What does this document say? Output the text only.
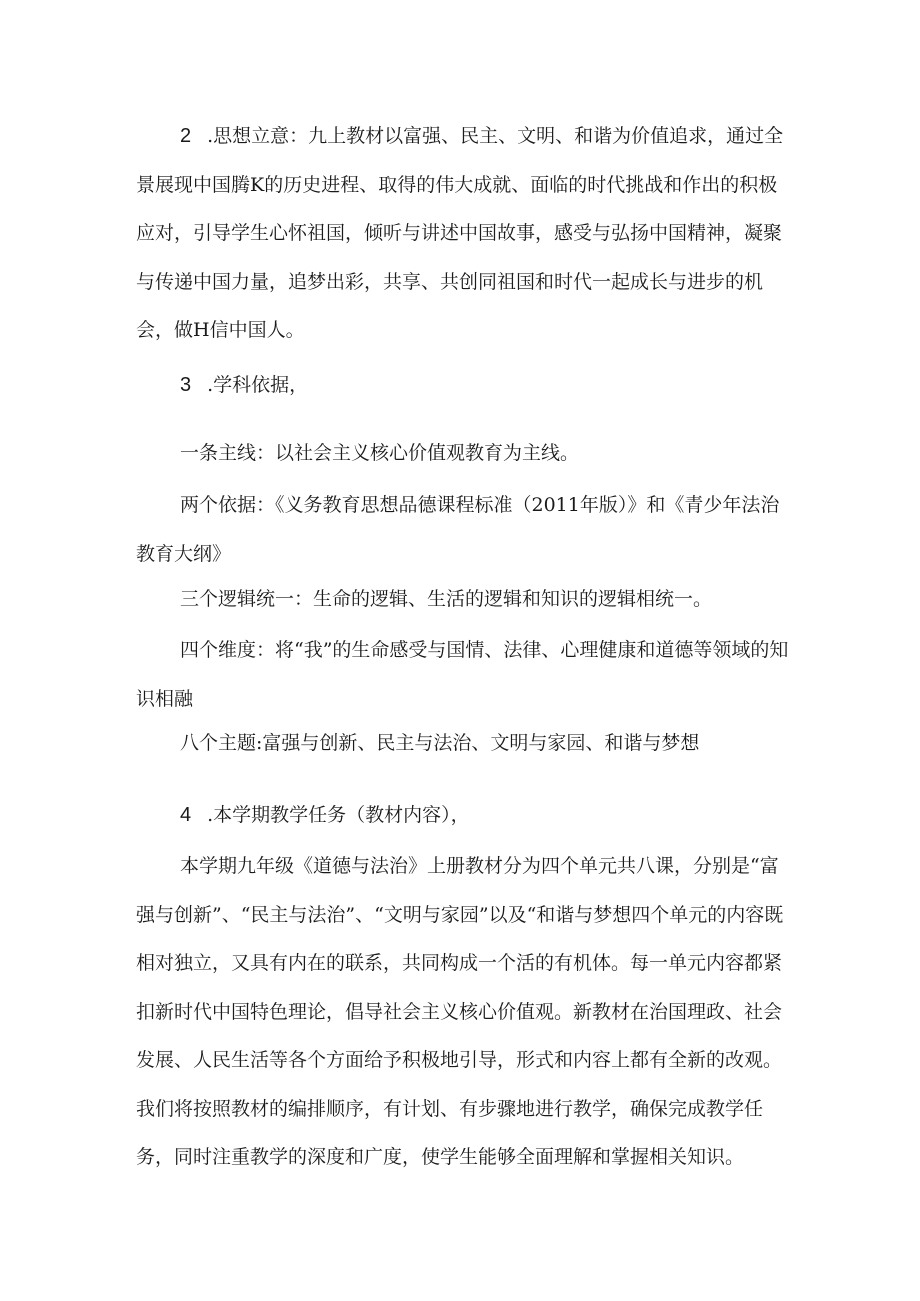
2 .思想立意：九上教材以富强、民主、文明、和谐为价值追求，通过全景展现中国腾K的历史进程、取得的伟大成就、面临的时代挑战和作出的积极应对，引导学生心怀祖国，倾听与讲述中国故事，感受与弘扬中国精神，凝聚与传递中国力量，追梦出彩，共享、共创同祖国和时代一起成长与进步的机会，做H信中国人。

3 .学科依据，

一条主线：以社会主义核心价值观教育为主线。

两个依据：《义务教育思想品德课程标准（2011年版）》和《青少年法治教育大纲》

三个逻辑统一：生命的逻辑、生活的逻辑和知识的逻辑相统一。

四个维度：将“我”的生命感受与国情、法律、心理健康和道德等领域的知识相融

八个主题:富强与创新、民主与法治、文明与家园、和谐与梦想

4 .本学期教学任务（教材内容），

本学期九年级《道德与法治》上册教材分为四个单元共八课，分别是“富强与创新”、“民主与法治”、“文明与家园”以及“和谐与梦想四个单元的内容既相对独立，又具有内在的联系，共同构成一个活的有机体。每一单元内容都紧扣新时代中国特色理论，倡导社会主义核心价值观。新教材在治国理政、社会发展、人民生活等各个方面给予积极地引导，形式和内容上都有全新的改观。我们将按照教材的编排顺序，有计划、有步骤地进行教学，确保完成教学任务，同时注重教学的深度和广度，使学生能够全面理解和掌握相关知识。
